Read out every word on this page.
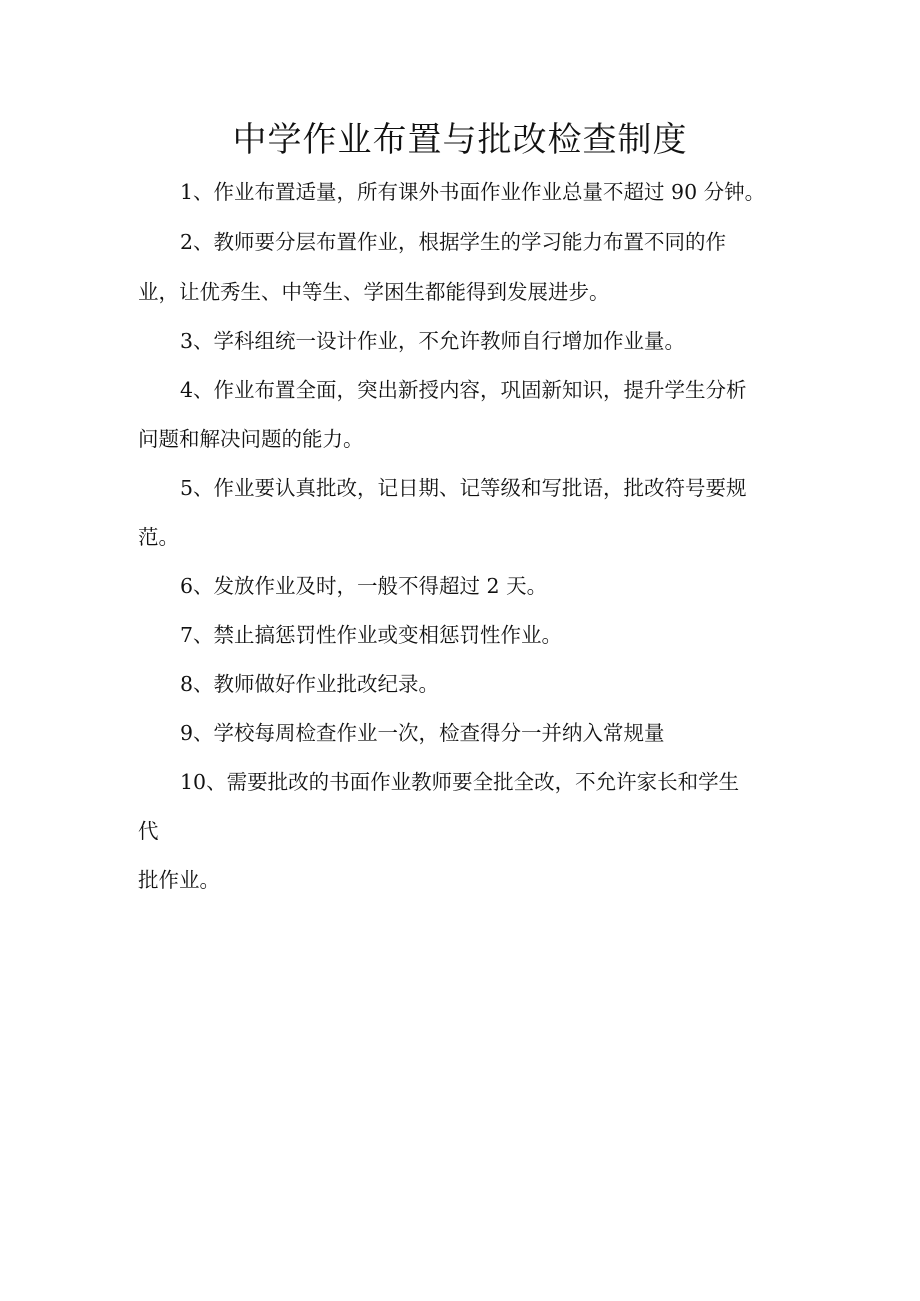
中学作业布置与批改检查制度
1、作业布置适量，所有课外书面作业作业总量不超过 90 分钟。
2、教师要分层布置作业，根据学生的学习能力布置不同的作
业，让优秀生、中等生、学困生都能得到发展进步。
3、学科组统一设计作业，不允许教师自行增加作业量。
4、作业布置全面，突出新授内容，巩固新知识，提升学生分析
问题和解决问题的能力。
5、作业要认真批改，记日期、记等级和写批语，批改符号要规
范。
6、发放作业及时，一般不得超过 2 天。
7、禁止搞惩罚性作业或变相惩罚性作业。
8、教师做好作业批改纪录。
9、学校每周检查作业一次，检查得分一并纳入常规量
10、需要批改的书面作业教师要全批全改，不允许家长和学生
代
批作业。
